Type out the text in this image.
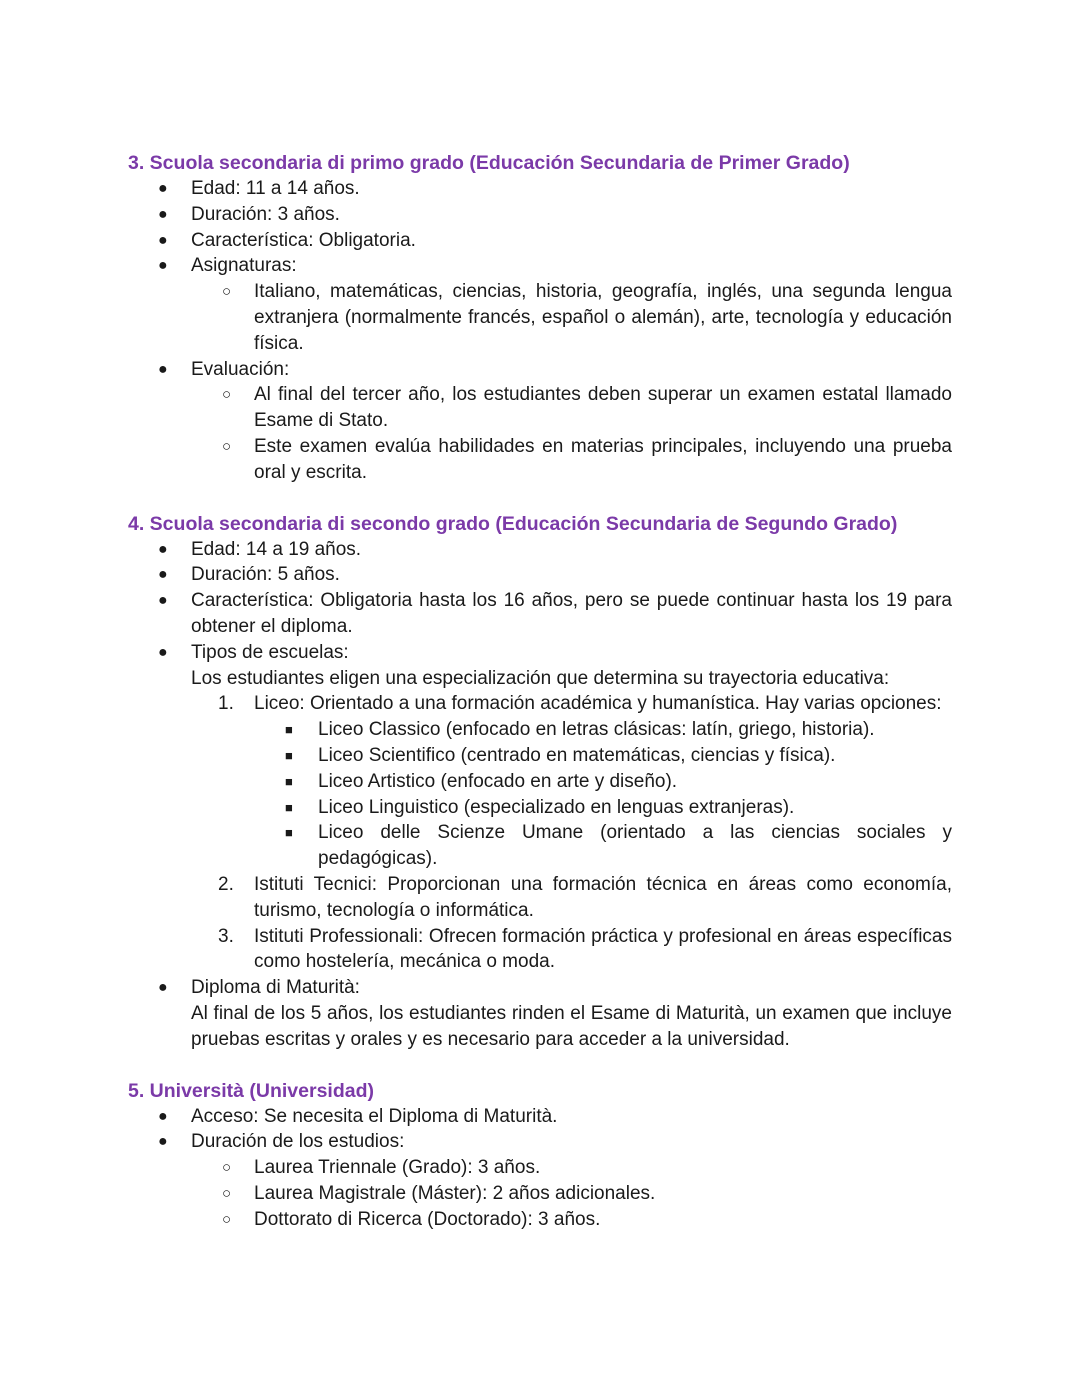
3. Scuola secondaria di primo grado (Educación Secundaria de Primer Grado)
● Edad: 11 a 14 años.
● Duración: 3 años.
● Característica: Obligatoria.
● Asignaturas:
○ Italiano, matemáticas, ciencias, historia, geografía, inglés, una segunda lengua extranjera (normalmente francés, español o alemán), arte, tecnología y educación física.
● Evaluación:
○ Al final del tercer año, los estudiantes deben superar un examen estatal llamado Esame di Stato.
○ Este examen evalúa habilidades en materias principales, incluyendo una prueba oral y escrita.
4. Scuola secondaria di secondo grado (Educación Secundaria de Segundo Grado)
● Edad: 14 a 19 años.
● Duración: 5 años.
● Característica: Obligatoria hasta los 16 años, pero se puede continuar hasta los 19 para obtener el diploma.
● Tipos de escuelas:
Los estudiantes eligen una especialización que determina su trayectoria educativa:
1. Liceo: Orientado a una formación académica y humanística. Hay varias opciones:
■ Liceo Classico (enfocado en letras clásicas: latín, griego, historia).
■ Liceo Scientifico (centrado en matemáticas, ciencias y física).
■ Liceo Artistico (enfocado en arte y diseño).
■ Liceo Linguistico (especializado en lenguas extranjeras).
■ Liceo delle Scienze Umane (orientado a las ciencias sociales y pedagógicas).
2. Istituti Tecnici: Proporcionan una formación técnica en áreas como economía, turismo, tecnología o informática.
3. Istituti Professionali: Ofrecen formación práctica y profesional en áreas específicas como hostelería, mecánica o moda.
● Diploma di Maturità:
Al final de los 5 años, los estudiantes rinden el Esame di Maturità, un examen que incluye pruebas escritas y orales y es necesario para acceder a la universidad.
5. Università (Universidad)
● Acceso: Se necesita el Diploma di Maturità.
● Duración de los estudios:
○ Laurea Triennale (Grado): 3 años.
○ Laurea Magistrale (Máster): 2 años adicionales.
○ Dottorato di Ricerca (Doctorado): 3 años.
